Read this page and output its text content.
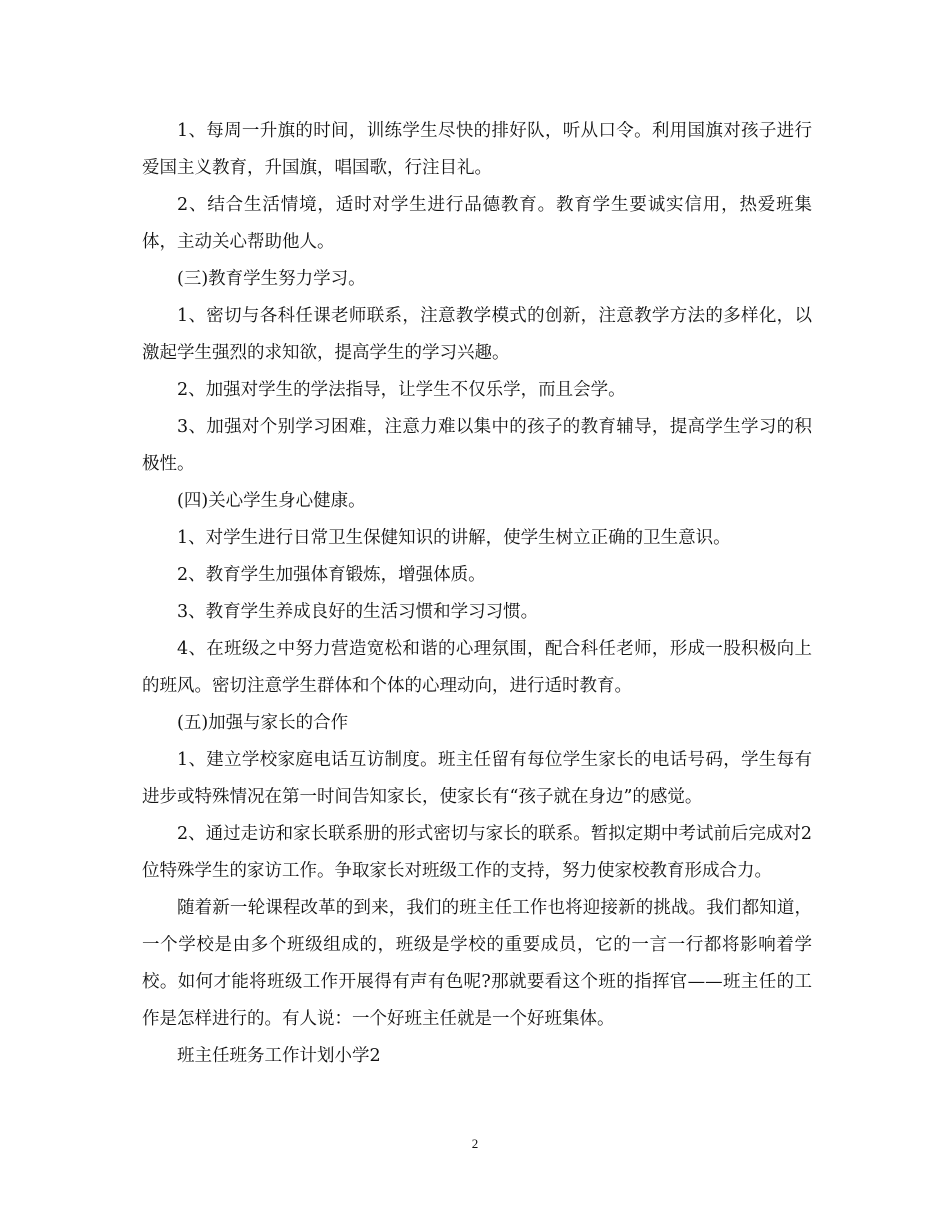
1、每周一升旗的时间，训练学生尽快的排好队，听从口令。利用国旗对孩子进行爱国主义教育，升国旗，唱国歌，行注目礼。

2、结合生活情境，适时对学生进行品德教育。教育学生要诚实信用，热爱班集体，主动关心帮助他人。

(三)教育学生努力学习。

1、密切与各科任课老师联系，注意教学模式的创新，注意教学方法的多样化，以激起学生强烈的求知欲，提高学生的学习兴趣。

2、加强对学生的学法指导，让学生不仅乐学，而且会学。

3、加强对个别学习困难，注意力难以集中的孩子的教育辅导，提高学生学习的积极性。

(四)关心学生身心健康。

1、对学生进行日常卫生保健知识的讲解，使学生树立正确的卫生意识。

2、教育学生加强体育锻炼，增强体质。

3、教育学生养成良好的生活习惯和学习习惯。

4、在班级之中努力营造宽松和谐的心理氛围，配合科任老师，形成一股积极向上的班风。密切注意学生群体和个体的心理动向，进行适时教育。

(五)加强与家长的合作

1、建立学校家庭电话互访制度。班主任留有每位学生家长的电话号码，学生每有进步或特殊情况在第一时间告知家长，使家长有“孩子就在身边”的感觉。

2、通过走访和家长联系册的形式密切与家长的联系。暂拟定期中考试前后完成对2位特殊学生的家访工作。争取家长对班级工作的支持，努力使家校教育形成合力。

随着新一轮课程改革的到来，我们的班主任工作也将迎接新的挑战。我们都知道，一个学校是由多个班级组成的，班级是学校的重要成员，它的一言一行都将影响着学校。如何才能将班级工作开展得有声有色呢?那就要看这个班的指挥官——班主任的工作是怎样进行的。有人说：一个好班主任就是一个好班集体。

班主任班务工作计划小学2

2
